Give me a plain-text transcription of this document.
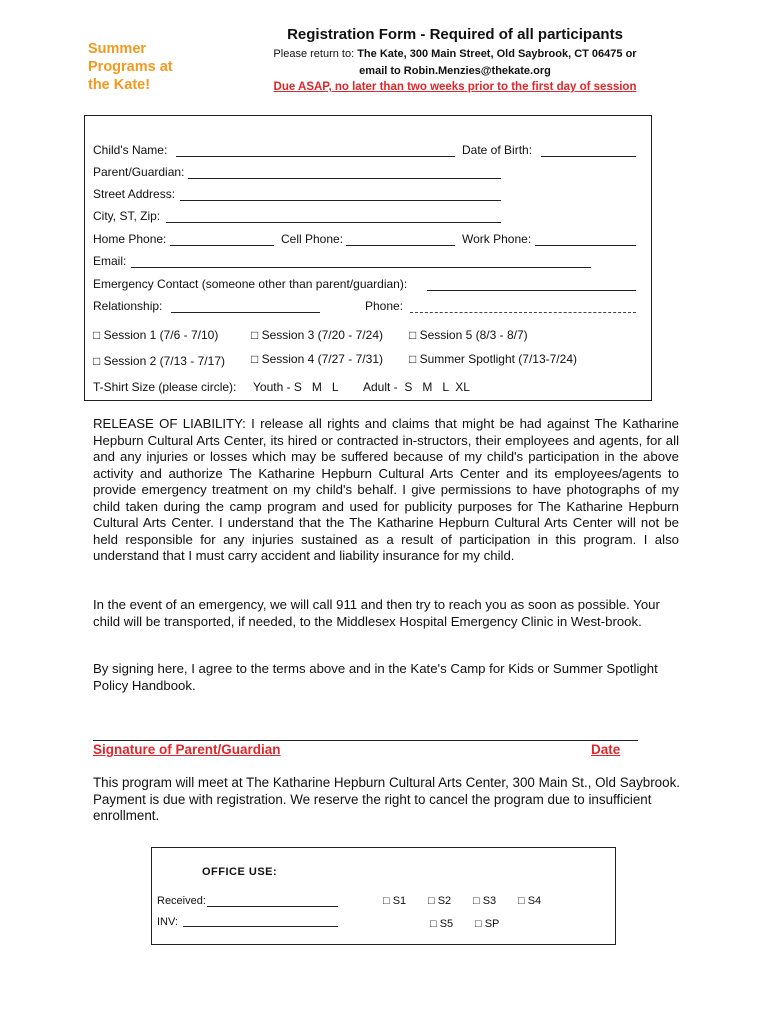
Summer
Programs at
the Kate!
Registration Form - Required of all participants
Please return to: The Kate, 300 Main Street, Old Saybrook, CT 06475 or
email to Robin.Menzies@thekate.org
Due ASAP, no later than two weeks prior to the first day of session
Child's Name:	Date of Birth:
Parent/Guardian:
Street Address:
City, ST, Zip:
Home Phone:	Cell Phone:	Work Phone:
Email:
Emergency Contact (someone other than parent/guardian):
Relationship:	Phone:
□ Session 1 (7/6 - 7/10)	□ Session 3 (7/20 - 7/24) □ Session 5 (8/3 - 8/7)
□ Session 2 (7/13 - 7/17) □ Session 4 (7/27 - 7/31) □ Summer Spotlight (7/13-7/24)
T-Shirt Size (please circle): Youth - S   M   L Adult -  S   M   L  XL
RELEASE OF LIABILITY: I release all rights and claims that might be had against The Katharine Hepburn Cultural Arts Center, its hired or contracted in-structors, their employees and agents, for all and any injuries or losses which may be suffered because of my child's participation in the above activity and authorize The Katharine Hepburn Cultural Arts Center and its employees/agents to provide emergency treatment on my child's behalf. I give permissions to have photographs of my child taken during the camp program and used for publicity purposes for The Katharine Hepburn Cultural Arts Center. I understand that the The Katharine Hepburn Cultural Arts Center will not be held responsible for any injuries sustained as a result of participation in this program. I also understand that I must carry accident and liability insurance for my child.
In the event of an emergency, we will call 911 and then try to reach you as soon as possible. Your child will be transported, if needed, to the Middlesex Hospital Emergency Clinic in West-brook.
By signing here, I agree to the terms above and in the Kate's Camp for Kids or Summer Spotlight Policy Handbook.
Signature of Parent/Guardian	Date
This program will meet at The Katharine Hepburn Cultural Arts Center, 300 Main St., Old Saybrook. Payment is due with registration. We reserve the right to cancel the program due to insufficient enrollment.
OFFICE USE:
Received:
INV:
□ S1 □ S2 □ S3 □ S4
□ S5 □ SP
